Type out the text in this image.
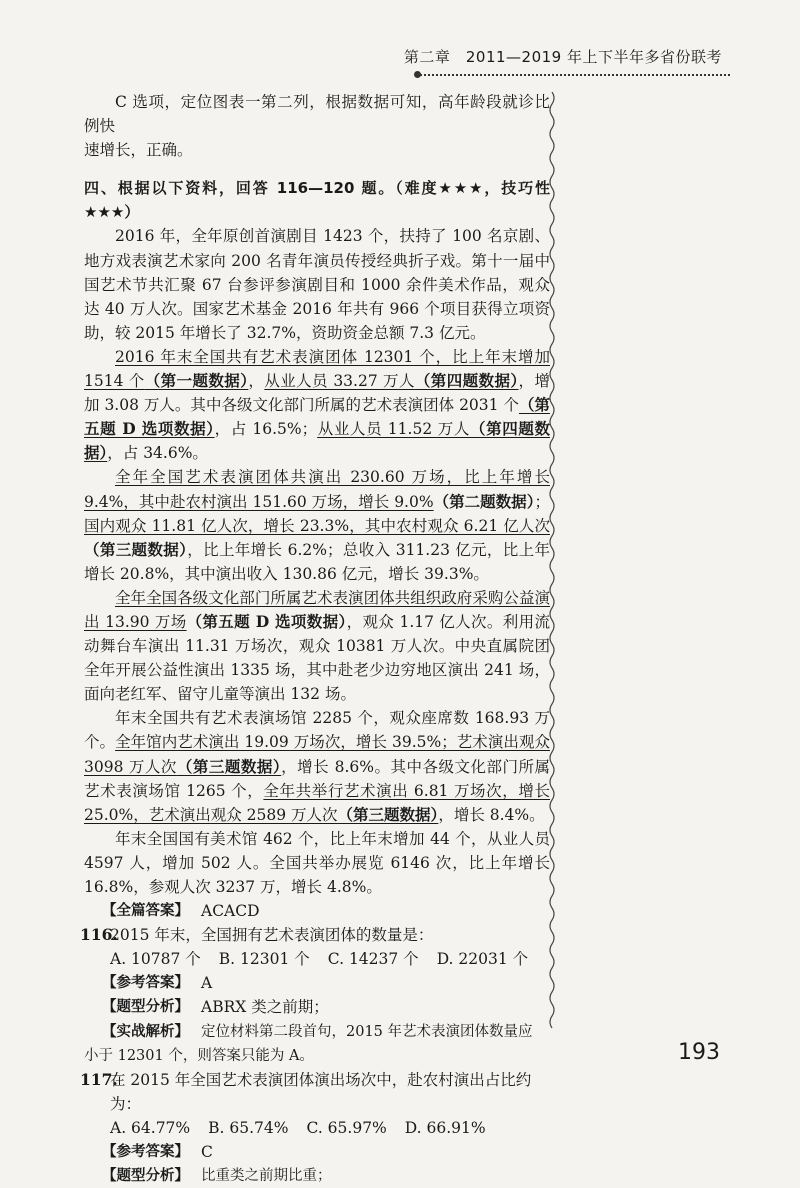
第二章　2011—2019 年上下半年多省份联考

C 选项，定位图表一第二列，根据数据可知，高年龄段就诊比例快

速增长，正确。

四、根据以下资料，回答 116—120 题。（难度★★★，技巧性★★★）

2016 年，全年原创首演剧目 1423 个，扶持了 100 名京剧、地方戏表演艺术家向 200 名青年演员传授经典折子戏。第十一届中国艺术节共汇聚 67 台参评参演剧目和 1000 余件美术作品，观众达 40 万人次。国家艺术基金 2016 年共有 966 个项目获得立项资助，较 2015 年增长了 32.7%，资助资金总额 7.3 亿元。

2016 年末全国共有艺术表演团体 12301 个，比上年末增加 1514 个（第一题数据），从业人员 33.27 万人（第四题数据），增加 3.08 万人。其中各级文化部门所属的艺术表演团体 2031 个（第五题 D 选项数据），占 16.5%；从业人员 11.52 万人（第四题数据），占 34.6%。

全年全国艺术表演团体共演出 230.60 万场，比上年增长 9.4%，其中赴农村演出 151.60 万场，增长 9.0%（第二题数据）；国内观众 11.81 亿人次，增长 23.3%，其中农村观众 6.21 亿人次（第三题数据），比上年增长 6.2%；总收入 311.23 亿元，比上年增长 20.8%，其中演出收入 130.86 亿元，增长 39.3%。

全年全国各级文化部门所属艺术表演团体共组织政府采购公益演出 13.90 万场（第五题 D 选项数据），观众 1.17 亿人次。利用流动舞台车演出 11.31 万场次，观众 10381 万人次。中央直属院团全年开展公益性演出 1335 场，其中赴老少边穷地区演出 241 场，面向老红军、留守儿童等演出 132 场。

年末全国共有艺术表演场馆 2285 个，观众座席数 168.93 万个。全年馆内艺术演出 19.09 万场次，增长 39.5%；艺术演出观众 3098 万人次（第三题数据），增长 8.6%。其中各级文化部门所属艺术表演场馆 1265 个，全年共举行艺术演出 6.81 万场次，增长 25.0%，艺术演出观众 2589 万人次（第三题数据），增长 8.4%。

年末全国国有美术馆 462 个，比上年末增加 44 个，从业人员 4597 人，增加 502 人。全国共举办展览 6146 次，比上年增长 16.8%，参观人次 3237 万，增长 4.8%。

【全篇答案】 ACACD
116.
2015 年末，全国拥有艺术表演团体的数量是：
A. 10787 个 B. 12301 个 C. 14237 个 D. 22031 个
【参考答案】 A
【题型分析】 ABRX 类之前期；
【实战解析】 定位材料第二段首句，2015 年艺术表演团体数量应

小于 12301 个，则答案只能为 A。

117.
在 2015 年全国艺术表演团体演出场次中，赴农村演出占比约为：
A. 64.77% B. 65.74% C. 65.97% D. 66.91%
【参考答案】 C
【题型分析】 比重类之前期比重；
193
